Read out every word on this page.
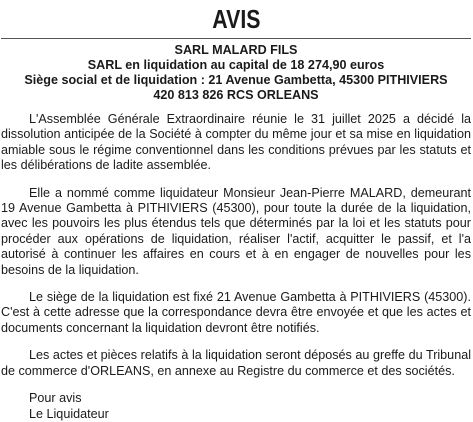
AVIS
SARL MALARD FILS
SARL en liquidation au capital de 18 274,90 euros
Siège social et de liquidation : 21 Avenue Gambetta, 45300 PITHIVIERS
420 813 826 RCS ORLEANS

L'Assemblée Générale Extraordinaire réunie le 31 juillet 2025 a décidé la dissolution anticipée de la Société à compter du même jour et sa mise en liquidation amiable sous le régime conventionnel dans les conditions prévues par les statuts et les délibérations de ladite assemblée.

Elle a nommé comme liquidateur Monsieur Jean-Pierre MALARD, demeurant 19 Avenue Gambetta à PITHIVIERS (45300), pour toute la durée de la liquidation, avec les pouvoirs les plus étendus tels que déterminés par la loi et les statuts pour procéder aux opérations de liquidation, réaliser l'actif, acquitter le passif, et l'a autorisé à continuer les affaires en cours et à en engager de nouvelles pour les besoins de la liquidation.

Le siège de la liquidation est fixé 21 Avenue Gambetta à PITHIVIERS (45300). C'est à cette adresse que la correspondance devra être envoyée et que les actes et documents concernant la liquidation devront être notifiés.

Les actes et pièces relatifs à la liquidation seront déposés au greffe du Tribunal de commerce d'ORLEANS, en annexe au Registre du commerce et des sociétés.

Pour avis
Le Liquidateur
